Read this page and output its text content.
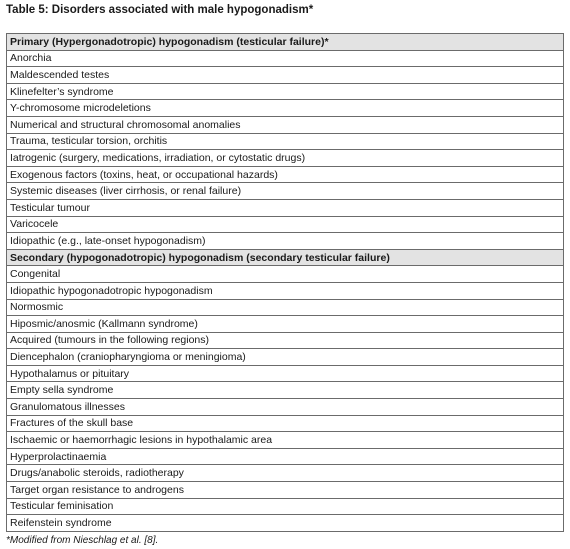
Table 5: Disorders associated with male hypogonadism*
Primary (Hypergonadotropic) hypogonadism (testicular failure)*
Anorchia
Maldescended testes
Klinefelter’s syndrome
Y-chromosome microdeletions
Numerical and structural chromosomal anomalies
Trauma, testicular torsion, orchitis
Iatrogenic (surgery, medications, irradiation, or cytostatic drugs)
Exogenous factors (toxins, heat, or occupational hazards)
Systemic diseases (liver cirrhosis, or renal failure)
Testicular tumour
Varicocele
Idiopathic (e.g., late-onset hypogonadism)
Secondary (hypogonadotropic) hypogonadism (secondary testicular failure)
Congenital
Idiopathic hypogonadotropic hypogonadism
Normosmic
Hiposmic/anosmic (Kallmann syndrome)
Acquired (tumours in the following regions)
Diencephalon (craniopharyngioma or meningioma)
Hypothalamus or pituitary
Empty sella syndrome
Granulomatous illnesses
Fractures of the skull base
Ischaemic or haemorrhagic lesions in hypothalamic area
Hyperprolactinaemia
Drugs/anabolic steroids, radiotherapy
Target organ resistance to androgens
Testicular feminisation
Reifenstein syndrome
*Modified from Nieschlag et al. [8].
